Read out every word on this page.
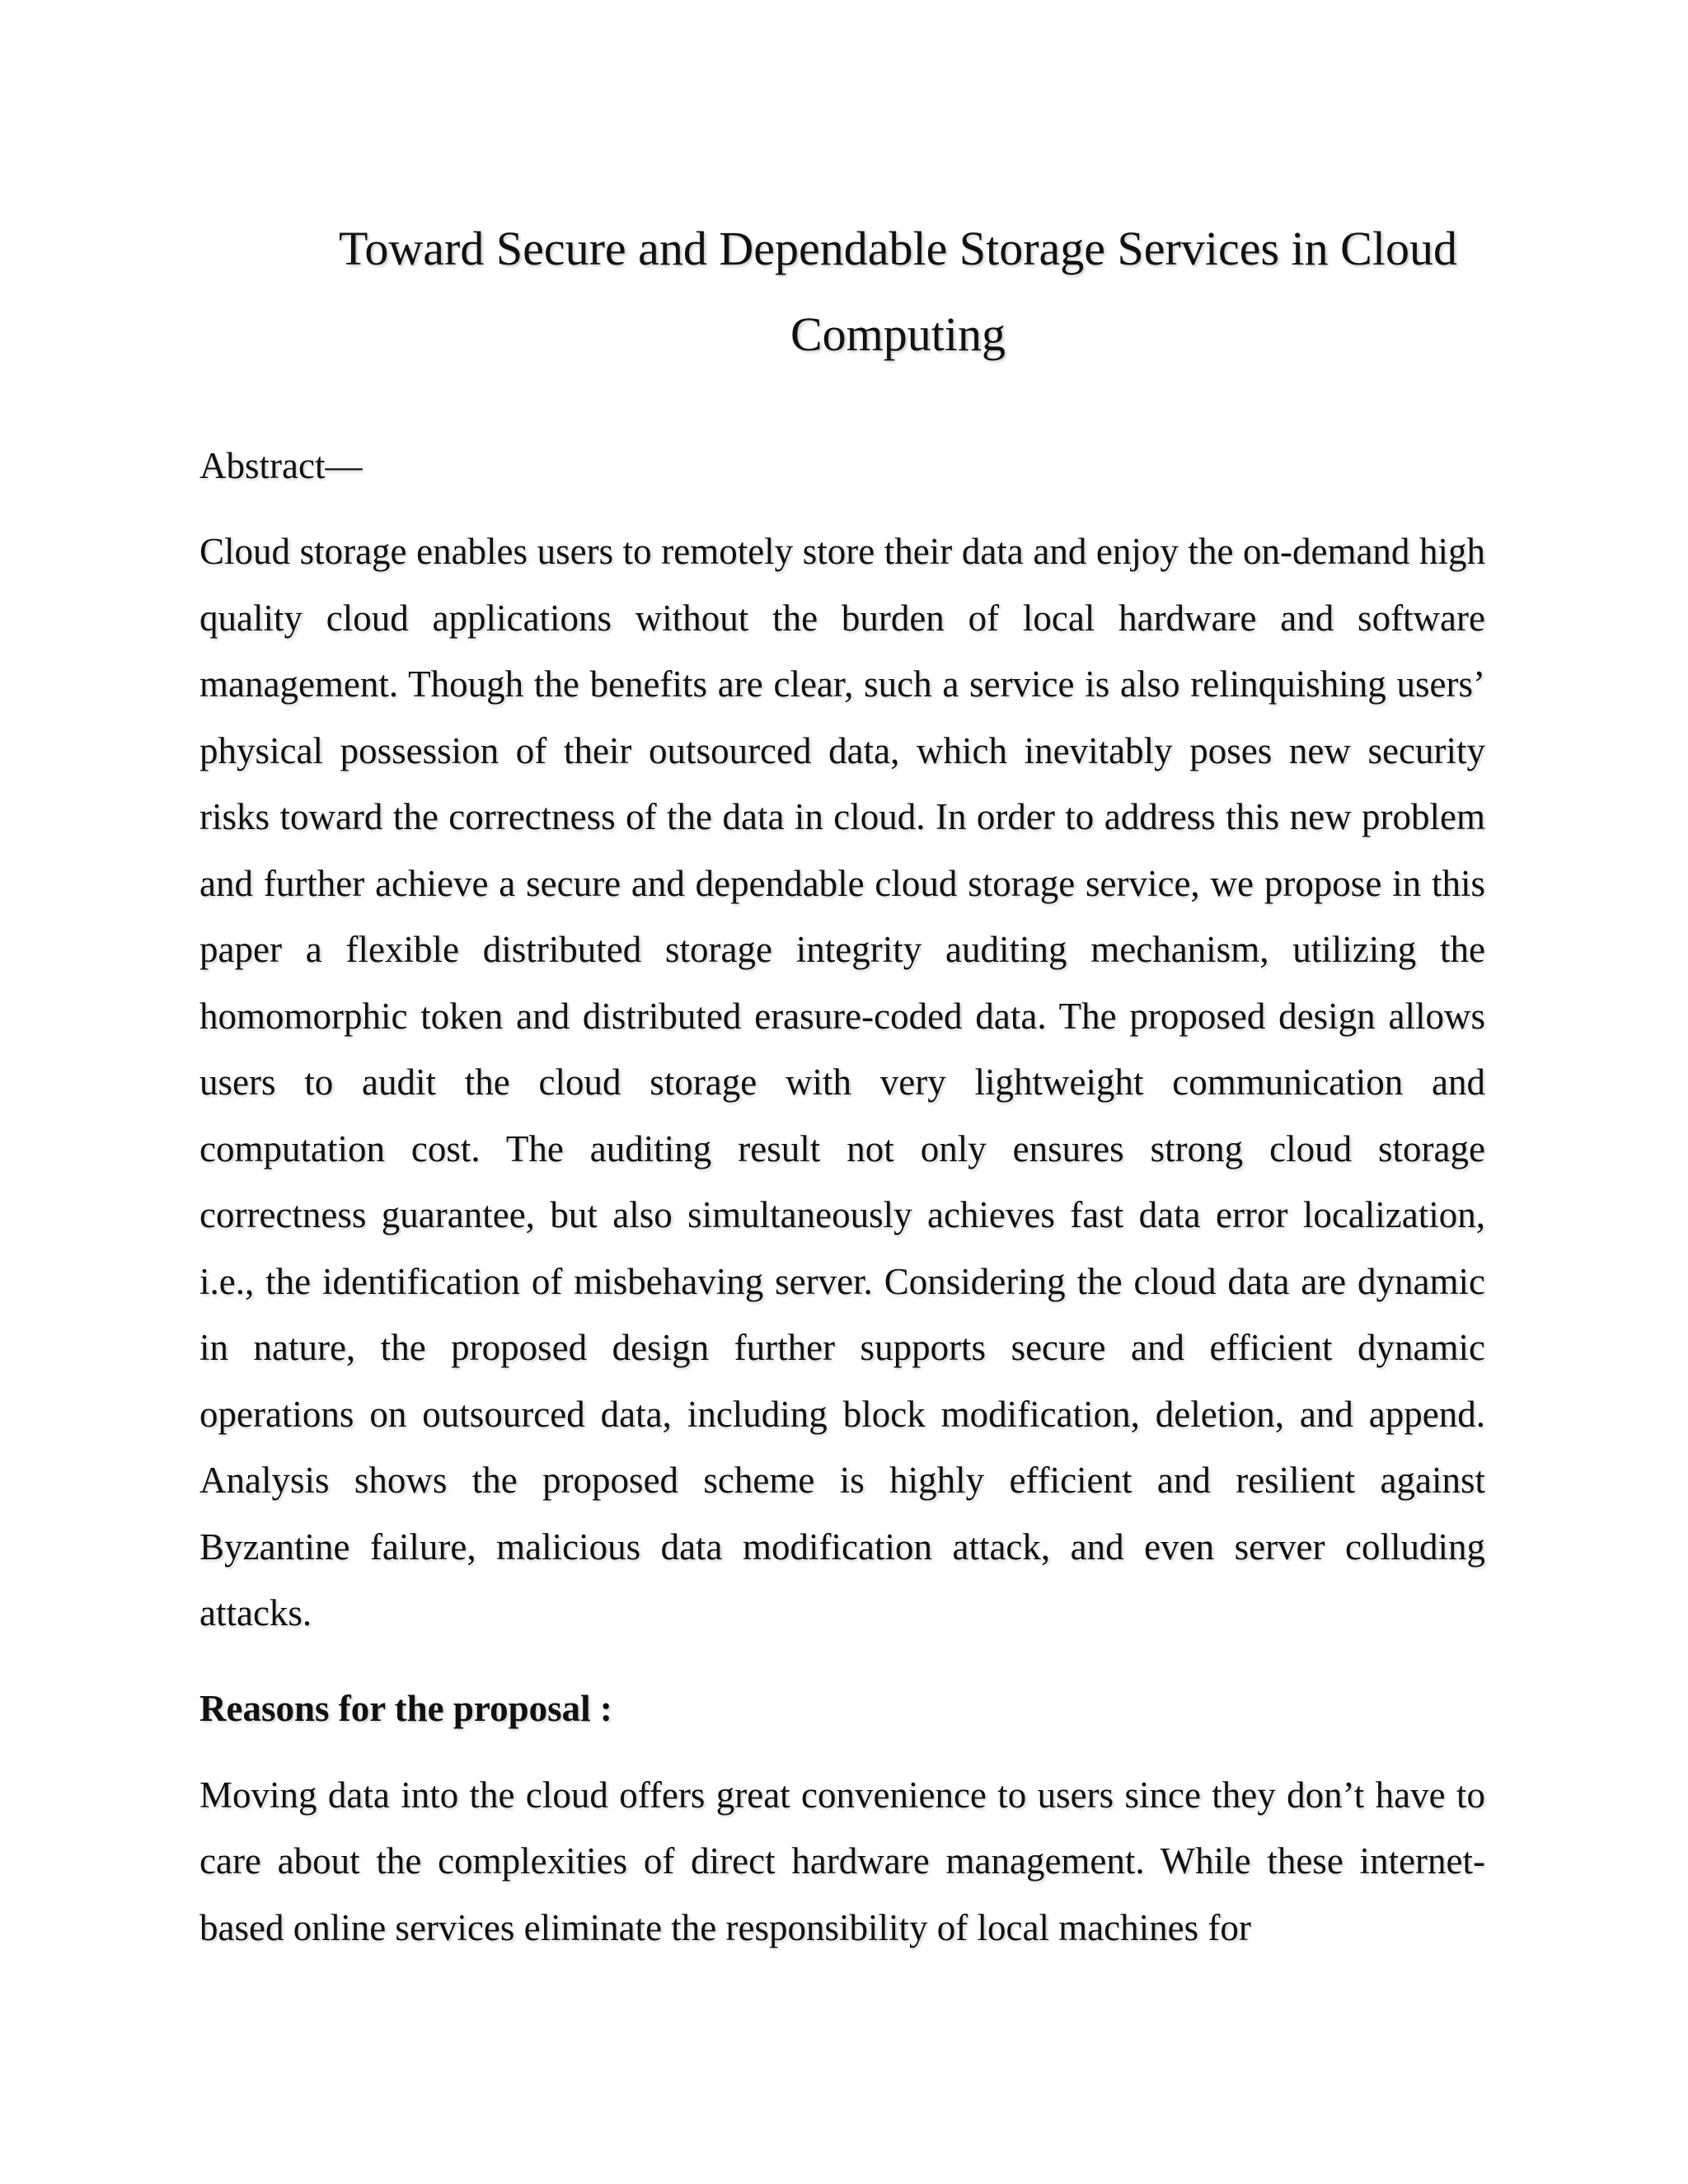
Toward Secure and Dependable Storage Services in Cloud Computing
Abstract—

Cloud storage enables users to remotely store their data and enjoy the on-demand high quality cloud applications without the burden of local hardware and software management. Though the benefits are clear, such a service is also relinquishing users’ physical possession of their outsourced data, which inevitably poses new security risks toward the correctness of the data in cloud. In order to address this new problem and further achieve a secure and dependable cloud storage service, we propose in this paper a flexible distributed storage integrity auditing mechanism, utilizing the homomorphic token and distributed erasure-coded data. The proposed design allows users to audit the cloud storage with very lightweight communication and computation cost. The auditing result not only ensures strong cloud storage correctness guarantee, but also simultaneously achieves fast data error localization, i.e., the identification of misbehaving server. Considering the cloud data are dynamic in nature, the proposed design further supports secure and efficient dynamic operations on outsourced data, including block modification, deletion, and append. Analysis shows the proposed scheme is highly efficient and resilient against Byzantine failure, malicious data modification attack, and even server colluding attacks.

Reasons for the proposal :

Moving data into the cloud offers great convenience to users since they don’t have to care about the complexities of direct hardware management. While these internet-based online services eliminate the responsibility of local machines for
